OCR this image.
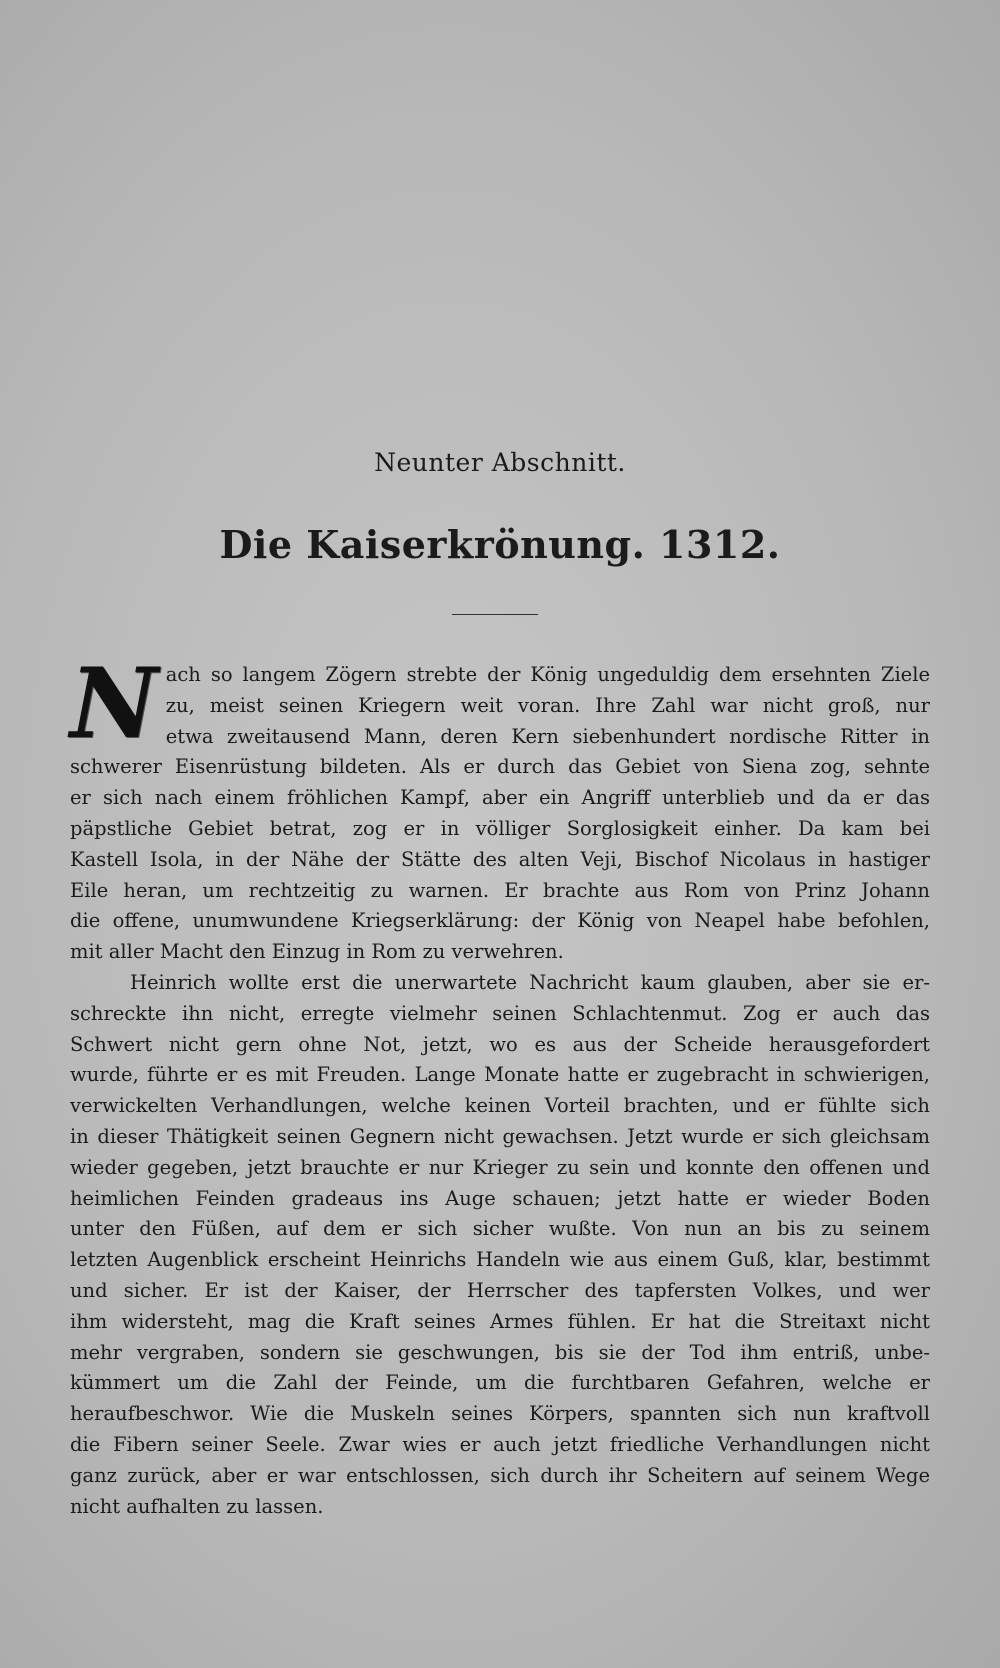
Neunter Abschnitt.
Die Kaiserkrönung. 1312.
N ach so langem Zögern strebte der König ungeduldig dem ersehnten Ziele
zu, meist seinen Kriegern weit voran. Ihre Zahl war nicht groß, nur
etwa zweitausend Mann, deren Kern siebenhundert nordische Ritter in
schwerer Eisenrüstung bildeten. Als er durch das Gebiet von Siena zog, sehnte
er sich nach einem fröhlichen Kampf, aber ein Angriff unterblieb und da er das
päpstliche Gebiet betrat, zog er in völliger Sorglosigkeit einher. Da kam bei
Kastell Isola, in der Nähe der Stätte des alten Veji, Bischof Nicolaus in hastiger
Eile heran, um rechtzeitig zu warnen. Er brachte aus Rom von Prinz Johann
die offene, unumwundene Kriegserklärung: der König von Neapel habe befohlen,
mit aller Macht den Einzug in Rom zu verwehren.
Heinrich wollte erst die unerwartete Nachricht kaum glauben, aber sie er-
schreckte ihn nicht, erregte vielmehr seinen Schlachtenmut. Zog er auch das
Schwert nicht gern ohne Not, jetzt, wo es aus der Scheide herausgefordert
wurde, führte er es mit Freuden. Lange Monate hatte er zugebracht in schwierigen,
verwickelten Verhandlungen, welche keinen Vorteil brachten, und er fühlte sich
in dieser Thätigkeit seinen Gegnern nicht gewachsen. Jetzt wurde er sich gleichsam
wieder gegeben, jetzt brauchte er nur Krieger zu sein und konnte den offenen und
heimlichen Feinden gradeaus ins Auge schauen; jetzt hatte er wieder Boden
unter den Füßen, auf dem er sich sicher wußte. Von nun an bis zu seinem
letzten Augenblick erscheint Heinrichs Handeln wie aus einem Guß, klar, bestimmt
und sicher. Er ist der Kaiser, der Herrscher des tapfersten Volkes, und wer
ihm widersteht, mag die Kraft seines Armes fühlen. Er hat die Streitaxt nicht
mehr vergraben, sondern sie geschwungen, bis sie der Tod ihm entriß, unbe-
kümmert um die Zahl der Feinde, um die furchtbaren Gefahren, welche er
heraufbeschwor. Wie die Muskeln seines Körpers, spannten sich nun kraftvoll
die Fibern seiner Seele. Zwar wies er auch jetzt friedliche Verhandlungen nicht
ganz zurück, aber er war entschlossen, sich durch ihr Scheitern auf seinem Wege
nicht aufhalten zu lassen.
